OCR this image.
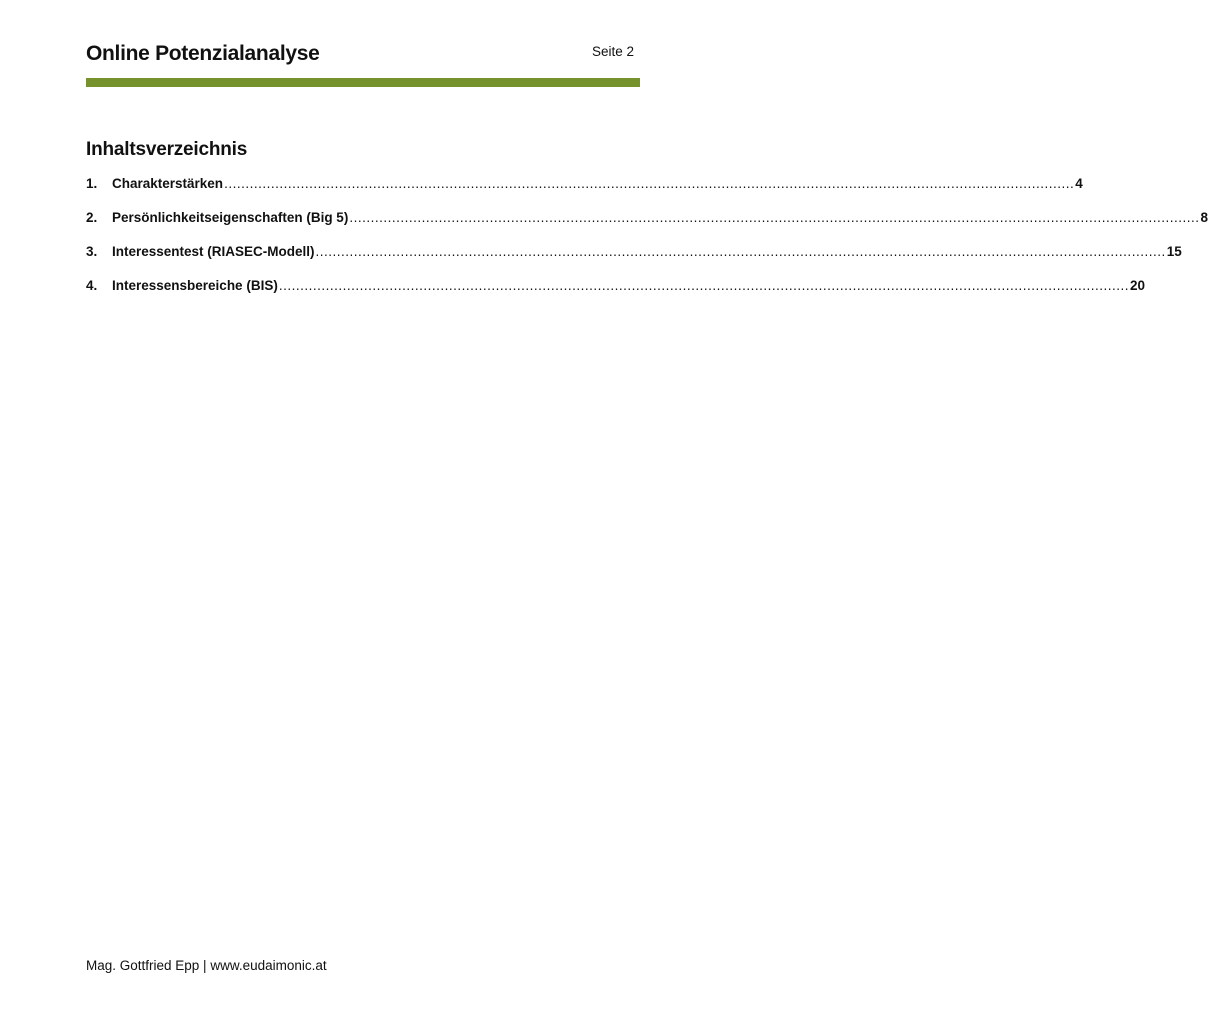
Online Potenzialanalyse	Seite 2
Inhaltsverzeichnis
1.	Charakterstärken ........................................................................................................................................................................................................ 4
2.	Persönlichkeitseigenschaften (Big 5) ........................................................................................................................................................................................................ 8
3.	Interessentest (RIASEC-Modell) ........................................................................................................................................................................................................ 15
4.	Interessensbereiche (BIS) ........................................................................................................................................................................................................ 20
Mag. Gottfried Epp | www.eudaimonic.at
